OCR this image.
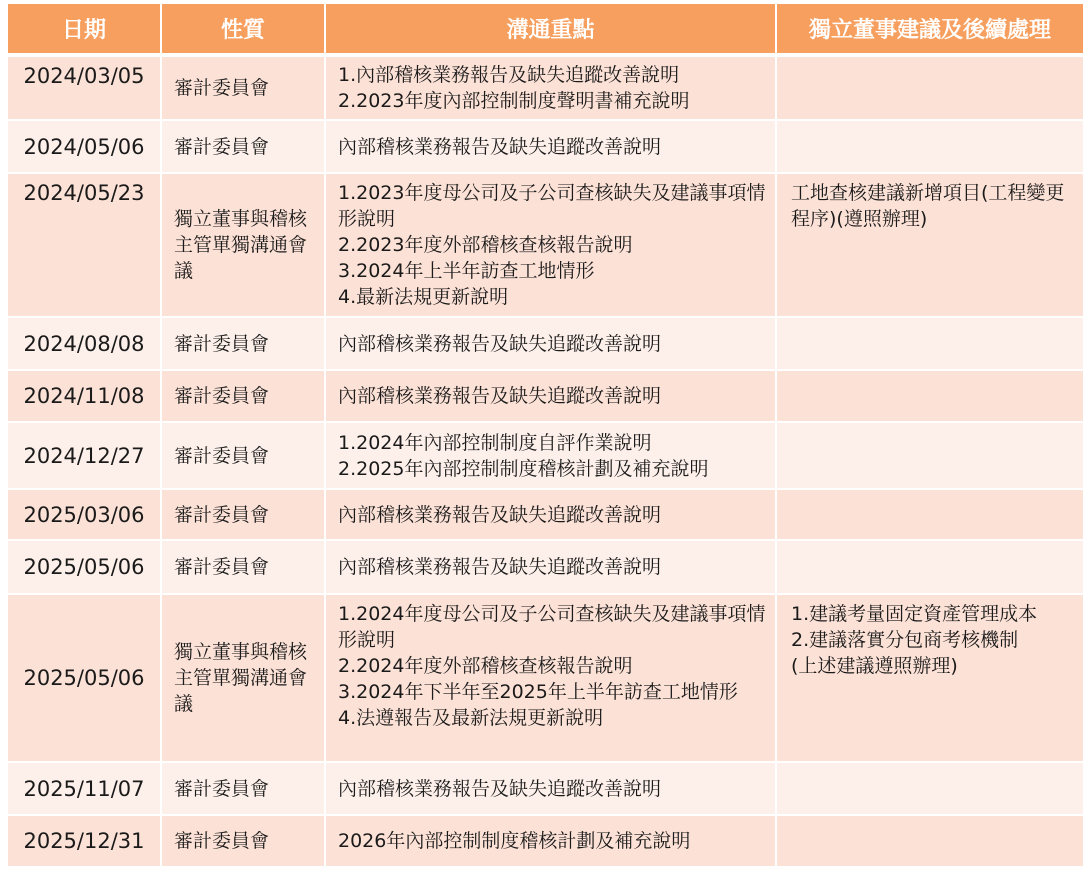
日期	性質	溝通重點	獨立董事建議及後續處理
2024/03/05	審計委員會	1.內部稽核業務報告及缺失追蹤改善說明
2.2023年度內部控制制度聲明書補充說明	

2024/05/06	審計委員會	內部稽核業務報告及缺失追蹤改善說明	

2024/05/23	獨立董事與稽核主管單獨溝通會議	1.2023年度母公司及子公司查核缺失及建議事項情形說明
2.2023年度外部稽核查核報告說明
3.2024年上半年訪查工地情形
4.最新法規更新說明	工地查核建議新增項目(工程變更程序)(遵照辦理)

2024/08/08	審計委員會	內部稽核業務報告及缺失追蹤改善說明	

2024/11/08	審計委員會	內部稽核業務報告及缺失追蹤改善說明	

2024/12/27	審計委員會	1.2024年內部控制制度自評作業說明
2.2025年內部控制制度稽核計劃及補充說明	

2025/03/06	審計委員會	內部稽核業務報告及缺失追蹤改善說明	

2025/05/06	審計委員會	內部稽核業務報告及缺失追蹤改善說明	

2025/05/06	獨立董事與稽核主管單獨溝通會議	1.2024年度母公司及子公司查核缺失及建議事項情形說明
2.2024年度外部稽核查核報告說明
3.2024年下半年至2025年上半年訪查工地情形
4.法遵報告及最新法規更新說明	1.建議考量固定資產管理成本
2.建議落實分包商考核機制
(上述建議遵照辦理)

2025/11/07	審計委員會	內部稽核業務報告及缺失追蹤改善說明	

2025/12/31	審計委員會	2026年內部控制制度稽核計劃及補充說明	
